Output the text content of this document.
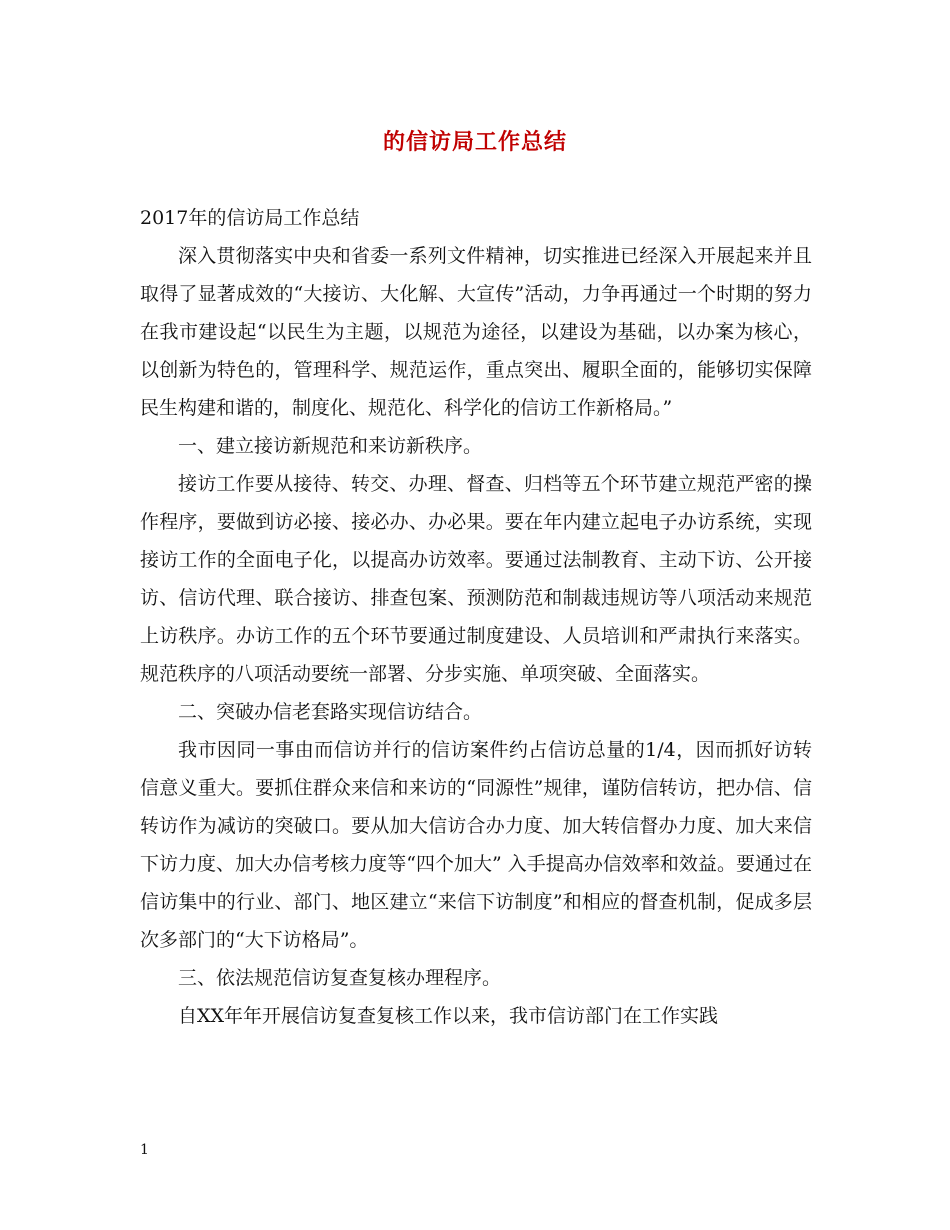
的信访局工作总结

2017年的信访局工作总结

深入贯彻落实中央和省委一系列文件精神，切实推进已经深入开展起来并且取得了显著成效的“大接访、大化解、大宣传”活动，力争再通过一个时期的努力在我市建设起“以民生为主题，以规范为途径，以建设为基础，以办案为核心，以创新为特色的，管理科学、规范运作，重点突出、履职全面的，能够切实保障民生构建和谐的，制度化、规范化、科学化的信访工作新格局。”

一、建立接访新规范和来访新秩序。

接访工作要从接待、转交、办理、督查、归档等五个环节建立规范严密的操作程序，要做到访必接、接必办、办必果。要在年内建立起电子办访系统，实现接访工作的全面电子化，以提高办访效率。要通过法制教育、主动下访、公开接访、信访代理、联合接访、排查包案、预测防范和制裁违规访等八项活动来规范上访秩序。办访工作的五个环节要通过制度建设、人员培训和严肃执行来落实。规范秩序的八项活动要统一部署、分步实施、单项突破、全面落实。

二、突破办信老套路实现信访结合。

我市因同一事由而信访并行的信访案件约占信访总量的1/4，因而抓好访转信意义重大。要抓住群众来信和来访的“同源性”规律，谨防信转访，把办信、信转访作为减访的突破口。要从加大信访合办力度、加大转信督办力度、加大来信下访力度、加大办信考核力度等“四个加大” 入手提高办信效率和效益。要通过在信访集中的行业、部门、地区建立“来信下访制度”和相应的督查机制，促成多层次多部门的“大下访格局”。

三、依法规范信访复查复核办理程序。

自XX年年开展信访复查复核工作以来，我市信访部门在工作实践

1
